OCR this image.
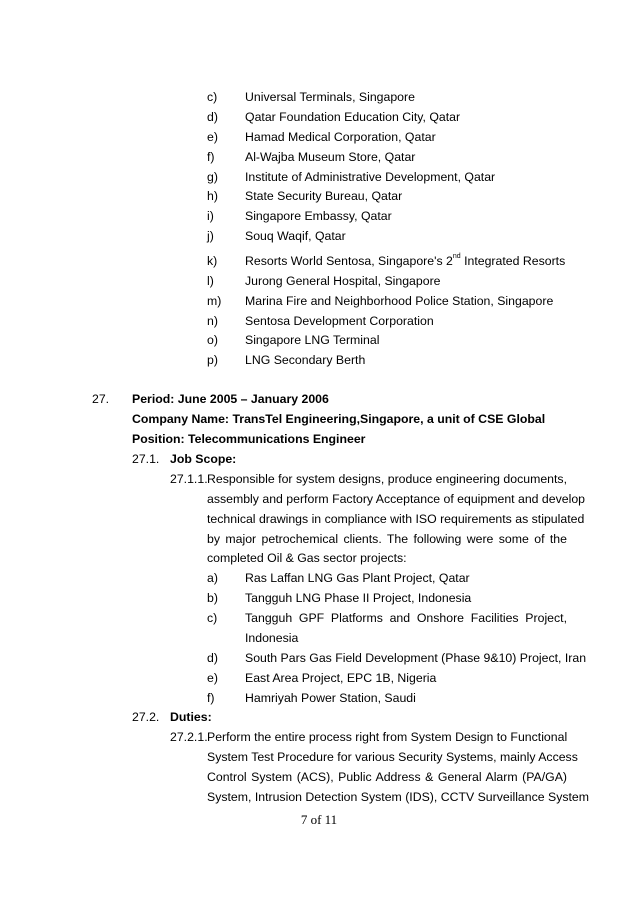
c) Universal Terminals, Singapore
d) Qatar Foundation Education City, Qatar
e) Hamad Medical Corporation, Qatar
f) Al-Wajba Museum Store, Qatar
g) Institute of Administrative Development, Qatar
h) State Security Bureau, Qatar
i)	Singapore Embassy, Qatar
j)	Souq Waqif, Qatar
k) Resorts World Sentosa, Singapore's 2nd Integrated Resorts
l)	Jurong General Hospital, Singapore
m) Marina Fire and Neighborhood Police Station, Singapore
n) Sentosa Development Corporation
o) Singapore LNG Terminal
p) LNG Secondary Berth
27. Period: June 2005 – January 2006
Company Name: TransTel Engineering,Singapore, a unit of CSE Global
Position: Telecommunications Engineer
27.1. Job Scope:
27.1.1. Responsible for system designs, produce engineering documents,
assembly and perform Factory Acceptance of equipment and develop
technical drawings in compliance with ISO requirements as stipulated
by major petrochemical clients. The following were some of the
completed Oil & Gas sector projects:
a) Ras Laffan LNG Gas Plant Project, Qatar
b) Tangguh LNG Phase II Project, Indonesia
c) Tangguh GPF Platforms and Onshore Facilities Project,
Indonesia
d) South Pars Gas Field Development (Phase 9&10) Project, Iran
e) East Area Project, EPC 1B, Nigeria
f) Hamriyah Power Station, Saudi
27.2. Duties:
27.2.1. Perform the entire process right from System Design to Functional
System Test Procedure for various Security Systems, mainly Access
Control System (ACS), Public Address & General Alarm (PA/GA)
System, Intrusion Detection System (IDS), CCTV Surveillance System
7 of 11
